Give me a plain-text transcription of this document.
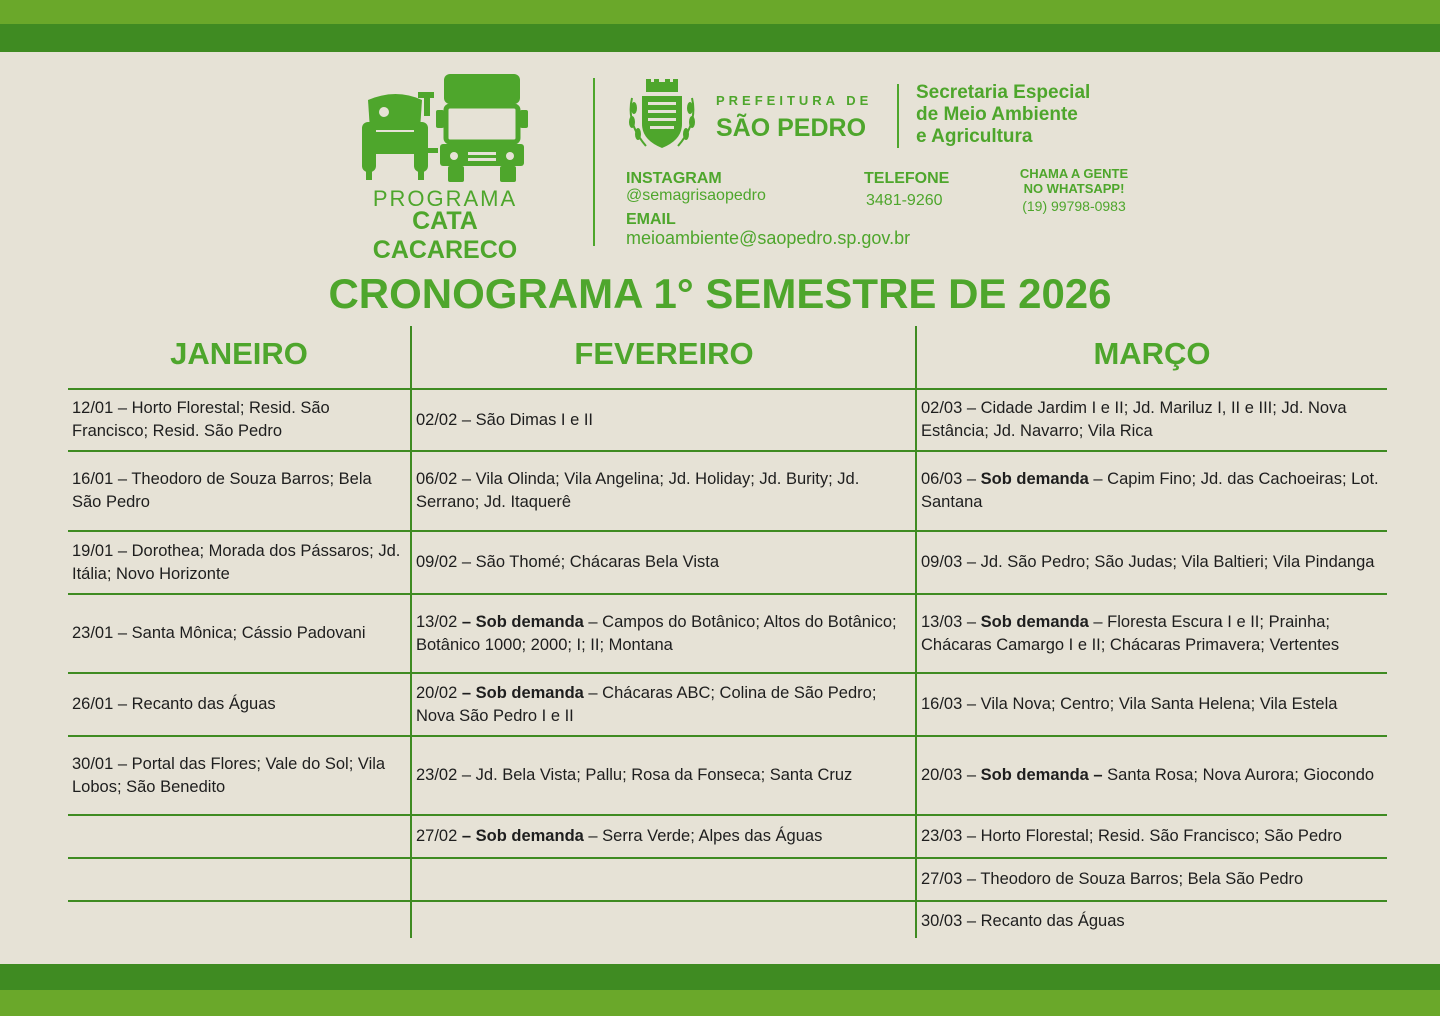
PROGRAMA
CATA CACARECO
PREFEITURA DE
SÃO PEDRO
Secretaria Especial
de Meio Ambiente
e Agricultura
INSTAGRAM
@semagrisaopedro
EMAIL
meioambiente@saopedro.sp.gov.br
TELEFONE
3481-9260
CHAMA A GENTE
NO WHATSAPP!
(19) 99798-0983
CRONOGRAMA 1° SEMESTRE DE 2026
JANEIRO	FEVEREIRO	MARÇO
12/01 – Horto Florestal; Resid. São Francisco; Resid. São Pedro
16/01 – Theodoro de Souza Barros; Bela São Pedro
19/01 – Dorothea; Morada dos Pássaros; Jd. Itália; Novo Horizonte
23/01 – Santa Mônica; Cássio Padovani
26/01 – Recanto das Águas
30/01 – Portal das Flores; Vale do Sol; Vila Lobos; São Benedito
02/02 – São Dimas I e II
06/02 – Vila Olinda; Vila Angelina; Jd. Holiday; Jd. Burity; Jd. Serrano; Jd. Itaquerê
09/02 – São Thomé; Chácaras Bela Vista
13/02 – Sob demanda – Campos do Botânico; Altos do Botânico; Botânico 1000; 2000; I; II; Montana
20/02 – Sob demanda – Chácaras ABC; Colina de São Pedro; Nova São Pedro I e II
23/02 – Jd. Bela Vista; Pallu; Rosa da Fonseca; Santa Cruz
27/02 – Sob demanda – Serra Verde; Alpes das Águas
02/03 – Cidade Jardim I e II; Jd. Mariluz I, II e III; Jd. Nova Estância; Jd. Navarro; Vila Rica
06/03 – Sob demanda – Capim Fino; Jd. das Cachoeiras; Lot. Santana
09/03 – Jd. São Pedro; São Judas; Vila Baltieri; Vila Pindanga
13/03 – Sob demanda – Floresta Escura I e II; Prainha; Chácaras Camargo I e II; Chácaras Primavera; Vertentes
16/03 – Vila Nova; Centro; Vila Santa Helena; Vila Estela
20/03 – Sob demanda – Santa Rosa; Nova Aurora; Giocondo
23/03 – Horto Florestal; Resid. São Francisco; São Pedro
27/03 – Theodoro de Souza Barros; Bela São Pedro
30/03 – Recanto das Águas
